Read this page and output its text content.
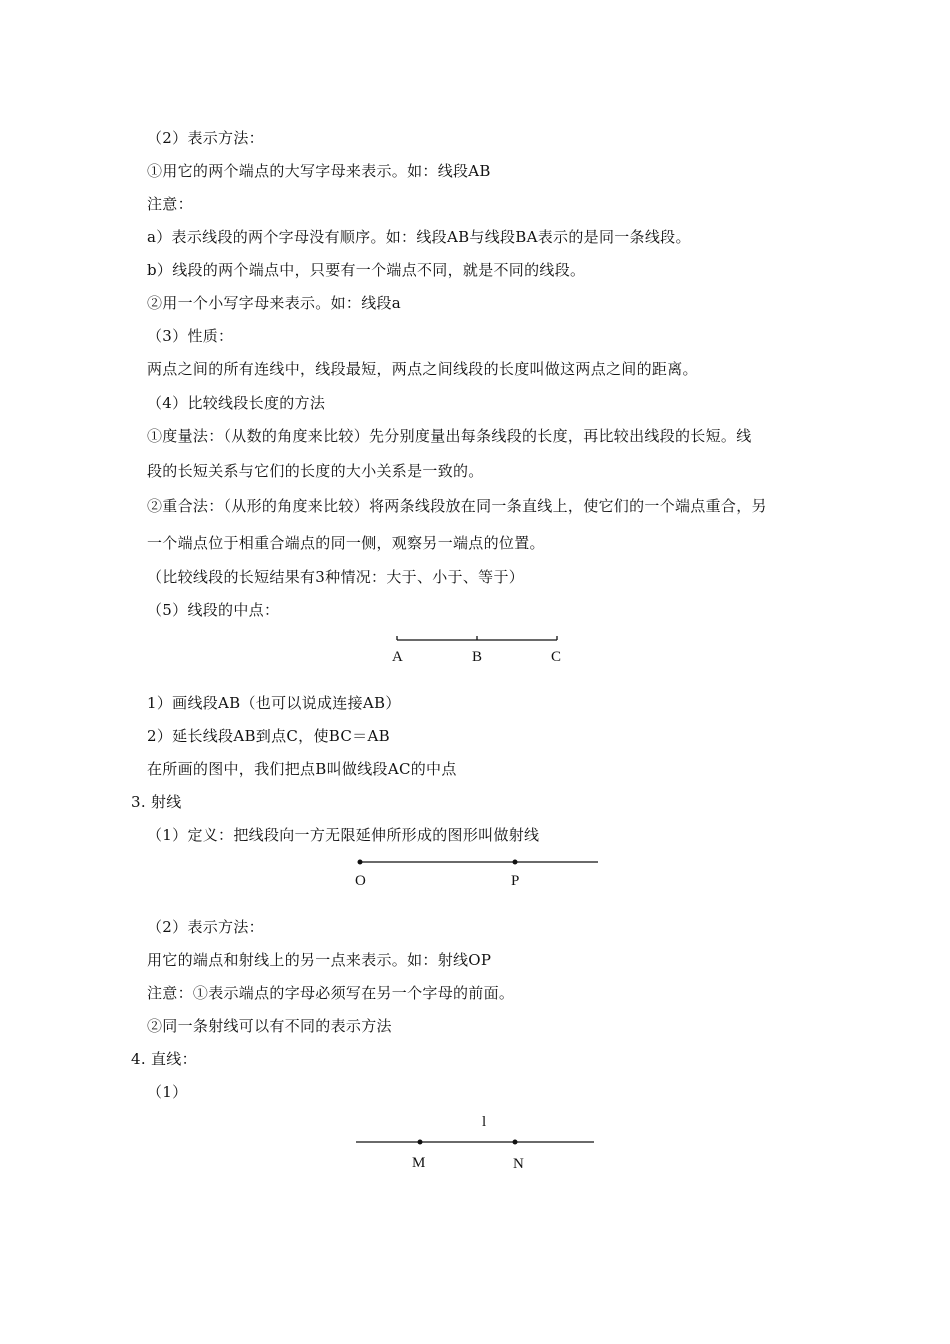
（2）表示方法：
①用它的两个端点的大写字母来表示。如：线段AB
注意：
a）表示线段的两个字母没有顺序。如：线段AB与线段BA表示的是同一条线段。
b）线段的两个端点中，只要有一个端点不同，就是不同的线段。
②用一个小写字母来表示。如：线段a
（3）性质：
两点之间的所有连线中，线段最短，两点之间线段的长度叫做这两点之间的距离。
（4）比较线段长度的方法
①度量法：（从数的角度来比较）先分别度量出每条线段的长度，再比较出线段的长短。线
段的长短关系与它们的长度的大小关系是一致的。
②重合法：（从形的角度来比较）将两条线段放在同一条直线上，使它们的一个端点重合，另
一个端点位于相重合端点的同一侧，观察另一端点的位置。
（比较线段的长短结果有3种情况：大于、小于、等于）
（5）线段的中点：
A	B	C
1）画线段AB（也可以说成连接AB）
2）延长线段AB到点C，使BC＝AB
在所画的图中，我们把点B叫做线段AC的中点
3. 射线
（1）定义：把线段向一方无限延伸所形成的图形叫做射线
O	P
（2）表示方法：
用它的端点和射线上的另一点来表示。如：射线OP
注意：①表示端点的字母必须写在另一个字母的前面。
②同一条射线可以有不同的表示方法
4. 直线：
（1）
l
M	N
